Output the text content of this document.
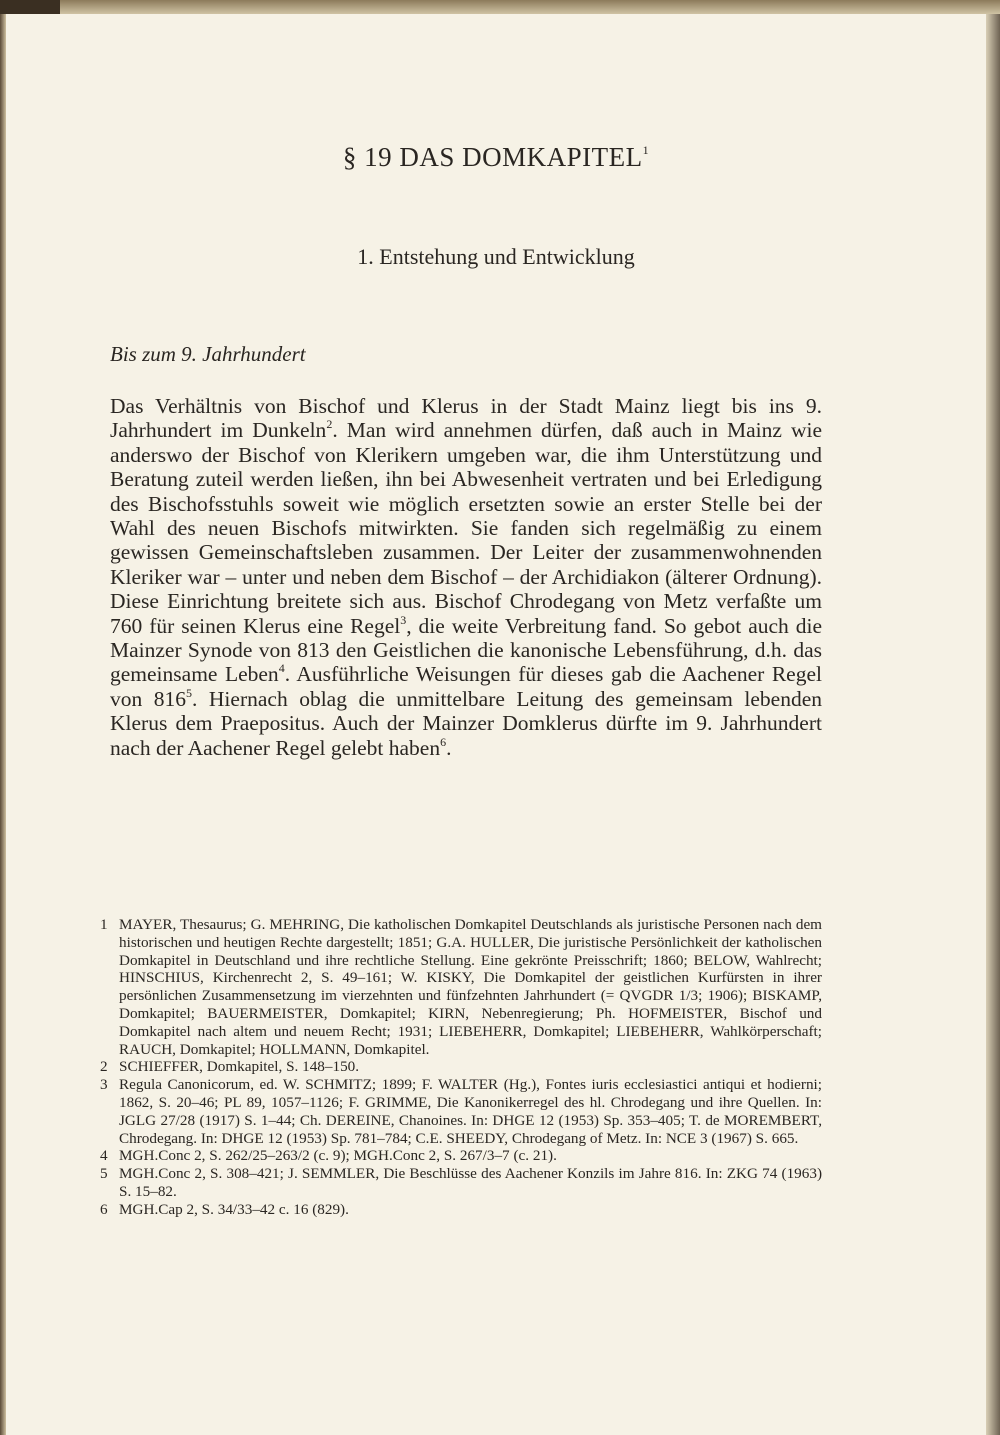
§ 19 DAS DOMKAPITEL$^1$
1. Entstehung und Entwicklung
Bis zum 9. Jahrhundert

Das Verhältnis von Bischof und Klerus in der Stadt Mainz liegt bis ins 9. Jahrhundert im Dunkeln$^2$. Man wird annehmen dürfen, daß auch in Mainz wie anderswo der Bischof von Klerikern umgeben war, die ihm Unterstützung und Beratung zuteil werden ließen, ihn bei Abwesenheit vertraten und bei Erledigung des Bischofsstuhls soweit wie möglich ersetzten sowie an erster Stelle bei der Wahl des neuen Bischofs mitwirkten. Sie fanden sich regelmäßig zu einem gewissen Gemeinschaftsleben zusammen. Der Leiter der zusammenwohnenden Kleriker war – unter und neben dem Bischof – der Archidiakon (älterer Ordnung). Diese Einrichtung breitete sich aus. Bischof Chrodegang von Metz verfaßte um 760 für seinen Klerus eine Regel$^3$, die weite Verbreitung fand. So gebot auch die Mainzer Synode von 813 den Geistlichen die kanonische Lebensführung, d.h. das gemeinsame Leben$^4$. Ausführliche Weisungen für dieses gab die Aachener Regel von 816$^5$. Hiernach oblag die unmittelbare Leitung des gemeinsam lebenden Klerus dem Praepositus. Auch der Mainzer Domklerus dürfte im 9. Jahrhundert nach der Aachener Regel gelebt haben$^6$.

1 MAYER, Thesaurus; G. MEHRING, Die katholischen Domkapitel Deutschlands als juristische Personen nach dem historischen und heutigen Rechte dargestellt; 1851; G.A. HULLER, Die juristische Persönlichkeit der katholischen Domkapitel in Deutschland und ihre rechtliche Stellung. Eine gekrönte Preisschrift; 1860; BELOW, Wahlrecht; HINSCHIUS, Kirchenrecht 2, S. 49–161; W. KISKY, Die Domkapitel der geistlichen Kurfürsten in ihrer persönlichen Zusammensetzung im vierzehnten und fünfzehnten Jahrhundert (= QVGDR 1/3; 1906); BISKAMP, Domkapitel; BAUERMEISTER, Domkapitel; KIRN, Nebenregierung; Ph. HOFMEISTER, Bischof und Domkapitel nach altem und neuem Recht; 1931; LIEBEHERR, Domkapitel; LIEBEHERR, Wahlkörperschaft; RAUCH, Domkapitel; HOLLMANN, Domkapitel.
2 SCHIEFFER, Domkapitel, S. 148–150.
3 Regula Canonicorum, ed. W. SCHMITZ; 1899; F. WALTER (Hg.), Fontes iuris ecclesiastici antiqui et hodierni; 1862, S. 20–46; PL 89, 1057–1126; F. GRIMME, Die Kanonikerregel des hl. Chrodegang und ihre Quellen. In: JGLG 27/28 (1917) S. 1–44; Ch. DEREINE, Chanoines. In: DHGE 12 (1953) Sp. 353–405; T. de MOREMBERT, Chrodegang. In: DHGE 12 (1953) Sp. 781–784; C.E. SHEEDY, Chrodegang of Metz. In: NCE 3 (1967) S. 665.
4 MGH.Conc 2, S. 262/25–263/2 (c. 9); MGH.Conc 2, S. 267/3–7 (c. 21).
5 MGH.Conc 2, S. 308–421; J. SEMMLER, Die Beschlüsse des Aachener Konzils im Jahre 816. In: ZKG 74 (1963) S. 15–82.
6 MGH.Cap 2, S. 34/33–42 c. 16 (829).
